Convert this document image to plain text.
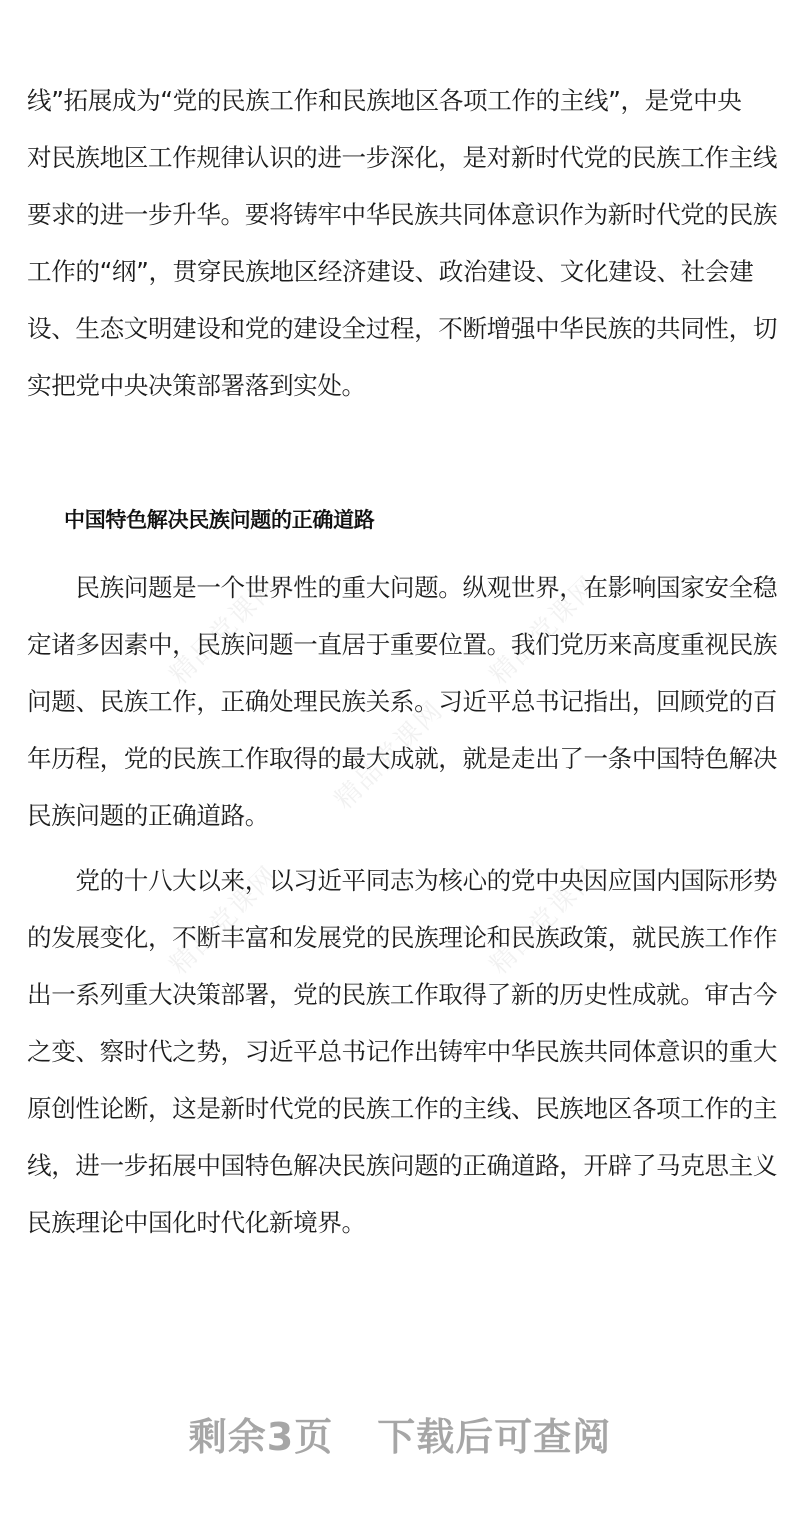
线”拓展成为“党的民族工作和民族地区各项工作的主线”，是党中央
对民族地区工作规律认识的进一步深化，是对新时代党的民族工作主线
要求的进一步升华。要将铸牢中华民族共同体意识作为新时代党的民族
工作的“纲”，贯穿民族地区经济建设、政治建设、文化建设、社会建
设、生态文明建设和党的建设全过程，不断增强中华民族的共同性，切
实把党中央决策部署落到实处。
中国特色解决民族问题的正确道路
　　民族问题是一个世界性的重大问题。纵观世界，在影响国家安全稳
定诸多因素中，民族问题一直居于重要位置。我们党历来高度重视民族
问题、民族工作，正确处理民族关系。习近平总书记指出，回顾党的百
年历程，党的民族工作取得的最大成就，就是走出了一条中国特色解决
民族问题的正确道路。
　　党的十八大以来，以习近平同志为核心的党中央因应国内国际形势
的发展变化，不断丰富和发展党的民族理论和民族政策，就民族工作作
出一系列重大决策部署，党的民族工作取得了新的历史性成就。审古今
之变、察时代之势，习近平总书记作出铸牢中华民族共同体意识的重大
原创性论断，这是新时代党的民族工作的主线、民族地区各项工作的主
线，进一步拓展中国特色解决民族问题的正确道路，开辟了马克思主义
民族理论中国化时代化新境界。
精品党课网	精品党课网
精品党课网
精品党课网	精品党课网
剩余3页 下载后可查阅
